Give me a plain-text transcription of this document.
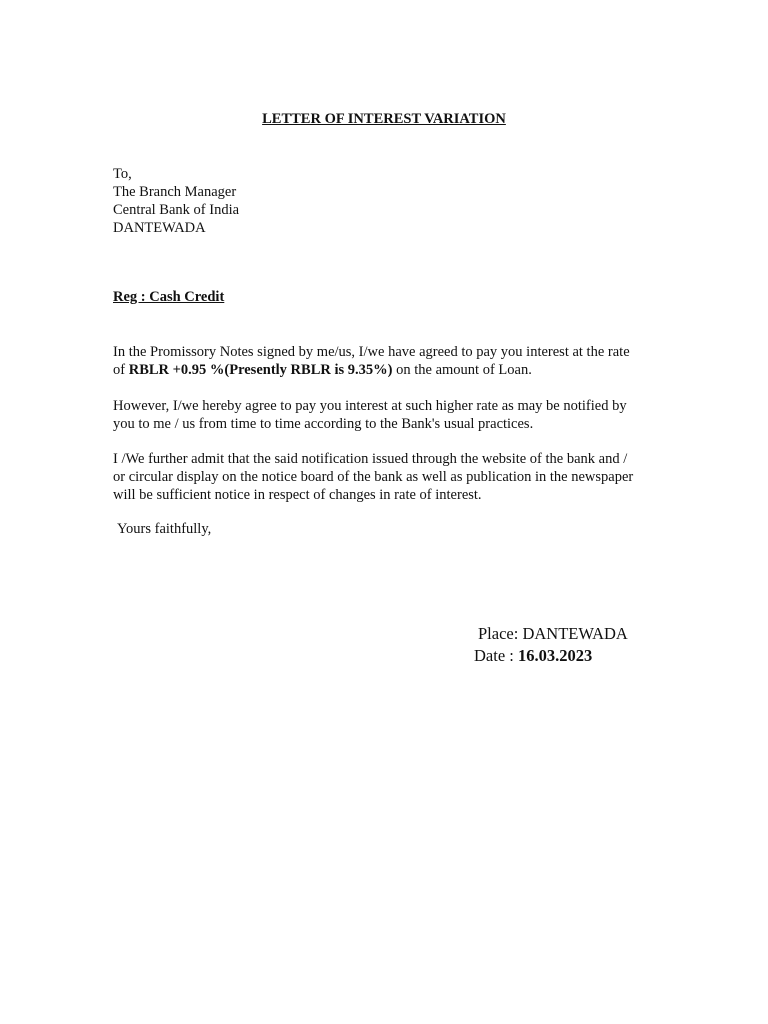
LETTER OF INTEREST VARIATION
To,
The Branch Manager
Central Bank of India
DANTEWADA
Reg : Cash Credit
In the Promissory Notes signed by me/us, I/we have agreed to pay you interest at the rate
of RBLR +0.95 %(Presently RBLR is 9.35%) on the amount of Loan.
However, I/we hereby agree to pay you interest at such higher rate as may be notified by
you to me / us from time to time according to the Bank's usual practices.
I /We further admit that the said notification issued through the website of the bank and /
or circular display on the notice board of the bank as well as publication in the newspaper
will be sufficient notice in respect of changes in rate of interest.
Yours faithfully,
Place: DANTEWADA
Date : 16.03.2023
